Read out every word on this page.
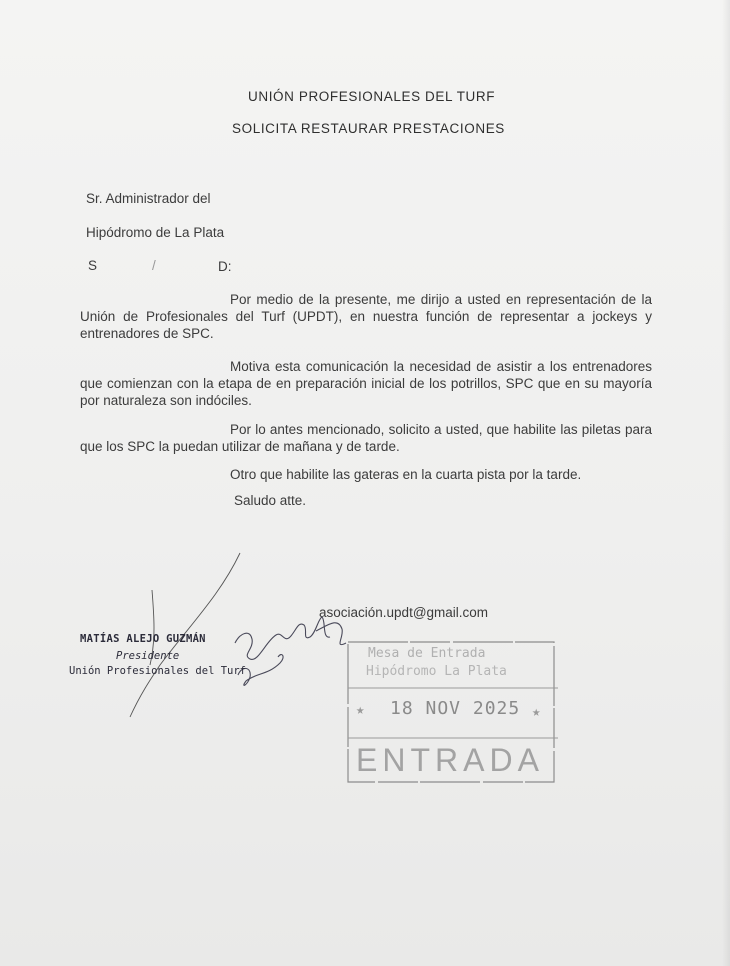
UNIÓN PROFESIONALES DEL TURF
SOLICITA RESTAURAR PRESTACIONES
Sr. Administrador del
Hipódromo de La Plata
S	/	D:
Por medio de la presente, me dirijo a usted en representación de la Unión de Profesionales del Turf (UPDT), en nuestra función de representar a jockeys y entrenadores de SPC.
Motiva esta comunicación la necesidad de asistir a los entrenadores que comienzan con la etapa de en preparación inicial de los potrillos, SPC que en su mayoría por naturaleza son indóciles.
Por lo antes mencionado, solicito a usted, que habilite las piletas para que los SPC la puedan utilizar de mañana y de tarde.
Otro que habilite las gateras en la cuarta pista por la tarde.
Saludo atte.
asociación.updt@gmail.com
MATÍAS ALEJO GUZMÁN
Presidente
Unión Profesionales del Turf
Mesa de Entrada
Hipódromo La Plata
★ 18 NOV 2025 ★
ENTRADA
